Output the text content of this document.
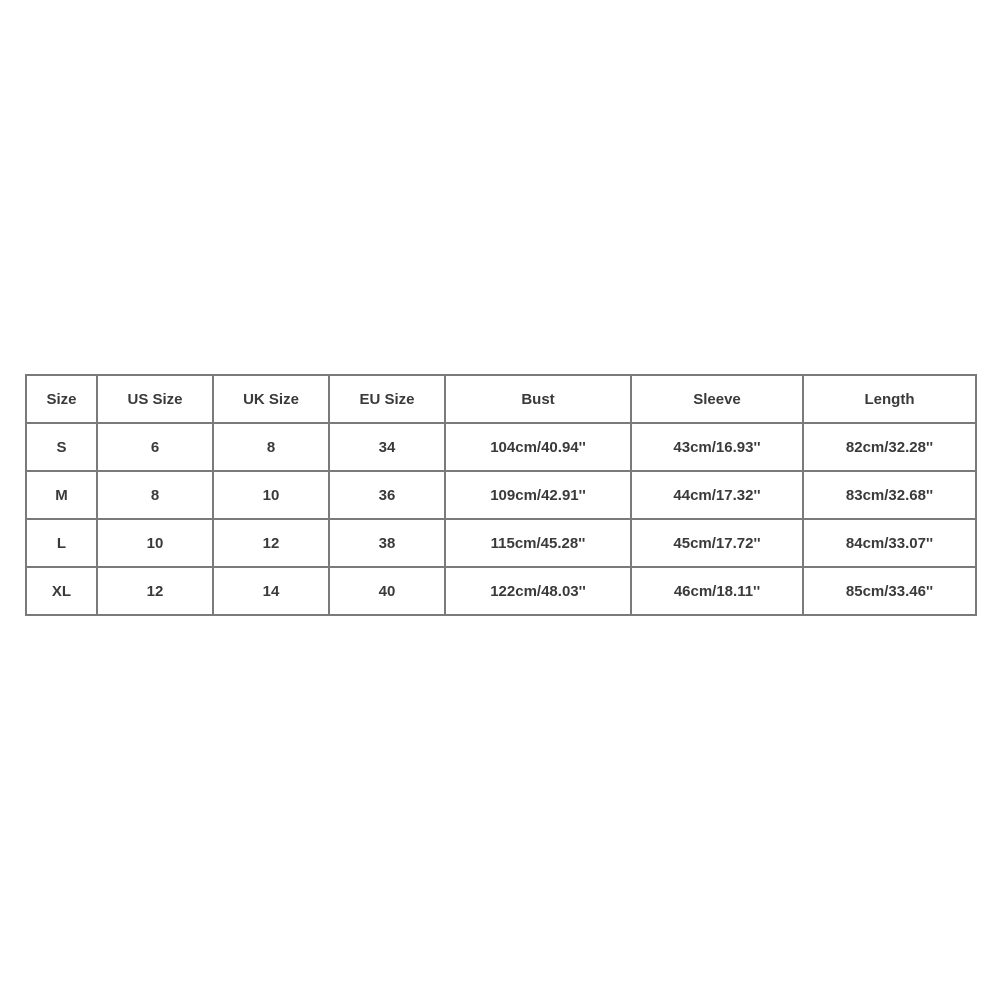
Size	US Size	UK Size	EU Size	Bust	Sleeve	Length
S	6	8	34	104cm/40.94''	43cm/16.93''	82cm/32.28''
M	8	10	36	109cm/42.91''	44cm/17.32''	83cm/32.68''
L	10	12	38	115cm/45.28''	45cm/17.72''	84cm/33.07''
XL	12	14	40	122cm/48.03''	46cm/18.11''	85cm/33.46''
